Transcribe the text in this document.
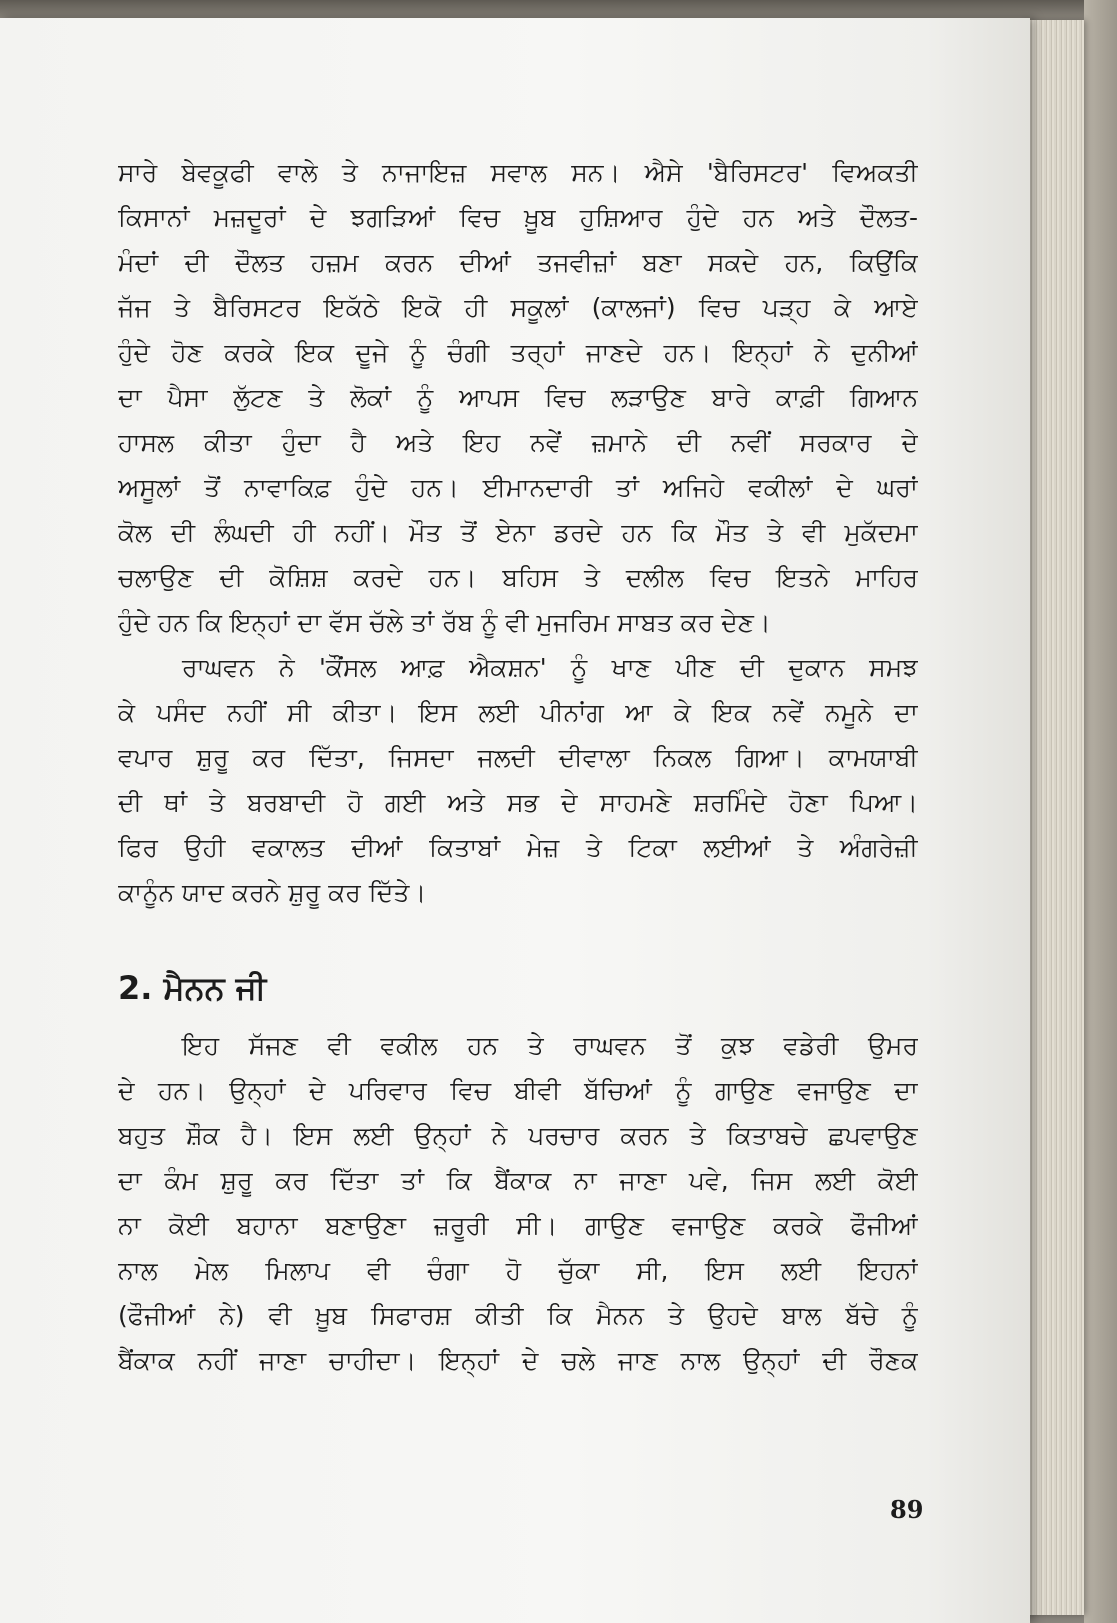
ਸਾਰੇ ਬੇਵਕੂਫੀ ਵਾਲੇ ਤੇ ਨਾਜਾਇਜ਼ ਸਵਾਲ ਸਨ। ਐਸੇ 'ਬੈਰਿਸਟਰ' ਵਿਅਕਤੀ
ਕਿਸਾਨਾਂ ਮਜ਼ਦੂਰਾਂ ਦੇ ਝਗੜਿਆਂ ਵਿਚ ਖ਼ੂਬ ਹੁਸ਼ਿਆਰ ਹੁੰਦੇ ਹਨ ਅਤੇ ਦੌਲਤ-
ਮੰਦਾਂ ਦੀ ਦੌਲਤ ਹਜ਼ਮ ਕਰਨ ਦੀਆਂ ਤਜਵੀਜ਼ਾਂ ਬਣਾ ਸਕਦੇ ਹਨ, ਕਿਉਂਕਿ
ਜੱਜ ਤੇ ਬੈਰਿਸਟਰ ਇਕੱਠੇ ਇਕੋ ਹੀ ਸਕੂਲਾਂ (ਕਾਲਜਾਂ) ਵਿਚ ਪੜ੍ਹ ਕੇ ਆਏ
ਹੁੰਦੇ ਹੋਣ ਕਰਕੇ ਇਕ ਦੂਜੇ ਨੂੰ ਚੰਗੀ ਤਰ੍ਹਾਂ ਜਾਣਦੇ ਹਨ। ਇਨ੍ਹਾਂ ਨੇ ਦੁਨੀਆਂ
ਦਾ ਪੈਸਾ ਲੁੱਟਣ ਤੇ ਲੋਕਾਂ ਨੂੰ ਆਪਸ ਵਿਚ ਲੜਾਉਣ ਬਾਰੇ ਕਾਫ਼ੀ ਗਿਆਨ
ਹਾਸਲ ਕੀਤਾ ਹੁੰਦਾ ਹੈ ਅਤੇ ਇਹ ਨਵੇਂ ਜ਼ਮਾਨੇ ਦੀ ਨਵੀਂ ਸਰਕਾਰ ਦੇ
ਅਸੂਲਾਂ ਤੋਂ ਨਾਵਾਕਿਫ਼ ਹੁੰਦੇ ਹਨ। ਈਮਾਨਦਾਰੀ ਤਾਂ ਅਜਿਹੇ ਵਕੀਲਾਂ ਦੇ ਘਰਾਂ
ਕੋਲ ਦੀ ਲੰਘਦੀ ਹੀ ਨਹੀਂ। ਮੌਤ ਤੋਂ ਏਨਾ ਡਰਦੇ ਹਨ ਕਿ ਮੌਤ ਤੇ ਵੀ ਮੁਕੱਦਮਾ
ਚਲਾਉਣ ਦੀ ਕੋਸ਼ਿਸ਼ ਕਰਦੇ ਹਨ। ਬਹਿਸ ਤੇ ਦਲੀਲ ਵਿਚ ਇਤਨੇ ਮਾਹਿਰ
ਹੁੰਦੇ ਹਨ ਕਿ ਇਨ੍ਹਾਂ ਦਾ ਵੱਸ ਚੱਲੇ ਤਾਂ ਰੱਬ ਨੂੰ ਵੀ ਮੁਜਰਿਮ ਸਾਬਤ ਕਰ ਦੇਣ।
ਰਾਘਵਨ ਨੇ 'ਕੌਂਸਲ ਆਫ਼ ਐਕਸ਼ਨ' ਨੂੰ ਖਾਣ ਪੀਣ ਦੀ ਦੁਕਾਨ ਸਮਝ
ਕੇ ਪਸੰਦ ਨਹੀਂ ਸੀ ਕੀਤਾ। ਇਸ ਲਈ ਪੀਨਾਂਗ ਆ ਕੇ ਇਕ ਨਵੇਂ ਨਮੂਨੇ ਦਾ
ਵਪਾਰ ਸ਼ੁਰੂ ਕਰ ਦਿੱਤਾ, ਜਿਸਦਾ ਜਲਦੀ ਦੀਵਾਲਾ ਨਿਕਲ ਗਿਆ। ਕਾਮਯਾਬੀ
ਦੀ ਥਾਂ ਤੇ ਬਰਬਾਦੀ ਹੋ ਗਈ ਅਤੇ ਸਭ ਦੇ ਸਾਹਮਣੇ ਸ਼ਰਮਿੰਦੇ ਹੋਣਾ ਪਿਆ।
ਫਿਰ ਉਹੀ ਵਕਾਲਤ ਦੀਆਂ ਕਿਤਾਬਾਂ ਮੇਜ਼ ਤੇ ਟਿਕਾ ਲਈਆਂ ਤੇ ਅੰਗਰੇਜ਼ੀ
ਕਾਨੂੰਨ ਯਾਦ ਕਰਨੇ ਸ਼ੁਰੂ ਕਰ ਦਿੱਤੇ।
2. ਮੈਨਨ ਜੀ
ਇਹ ਸੱਜਣ ਵੀ ਵਕੀਲ ਹਨ ਤੇ ਰਾਘਵਨ ਤੋਂ ਕੁਝ ਵਡੇਰੀ ਉਮਰ
ਦੇ ਹਨ। ਉਨ੍ਹਾਂ ਦੇ ਪਰਿਵਾਰ ਵਿਚ ਬੀਵੀ ਬੱਚਿਆਂ ਨੂੰ ਗਾਉਣ ਵਜਾਉਣ ਦਾ
ਬਹੁਤ ਸ਼ੌਕ ਹੈ। ਇਸ ਲਈ ਉਨ੍ਹਾਂ ਨੇ ਪਰਚਾਰ ਕਰਨ ਤੇ ਕਿਤਾਬਚੇ ਛਪਵਾਉਣ
ਦਾ ਕੰਮ ਸ਼ੁਰੂ ਕਰ ਦਿੱਤਾ ਤਾਂ ਕਿ ਬੈਂਕਾਕ ਨਾ ਜਾਣਾ ਪਵੇ, ਜਿਸ ਲਈ ਕੋਈ
ਨਾ ਕੋਈ ਬਹਾਨਾ ਬਣਾਉਣਾ ਜ਼ਰੂਰੀ ਸੀ। ਗਾਉਣ ਵਜਾਉਣ ਕਰਕੇ ਫੌਜੀਆਂ
ਨਾਲ ਮੇਲ ਮਿਲਾਪ ਵੀ ਚੰਗਾ ਹੋ ਚੁੱਕਾ ਸੀ, ਇਸ ਲਈ ਇਹਨਾਂ
(ਫੌਜੀਆਂ ਨੇ) ਵੀ ਖ਼ੂਬ ਸਿਫਾਰਸ਼ ਕੀਤੀ ਕਿ ਮੈਨਨ ਤੇ ਉਹਦੇ ਬਾਲ ਬੱਚੇ ਨੂੰ
ਬੈਂਕਾਕ ਨਹੀਂ ਜਾਣਾ ਚਾਹੀਦਾ। ਇਨ੍ਹਾਂ ਦੇ ਚਲੇ ਜਾਣ ਨਾਲ ਉਨ੍ਹਾਂ ਦੀ ਰੌਣਕ
89
